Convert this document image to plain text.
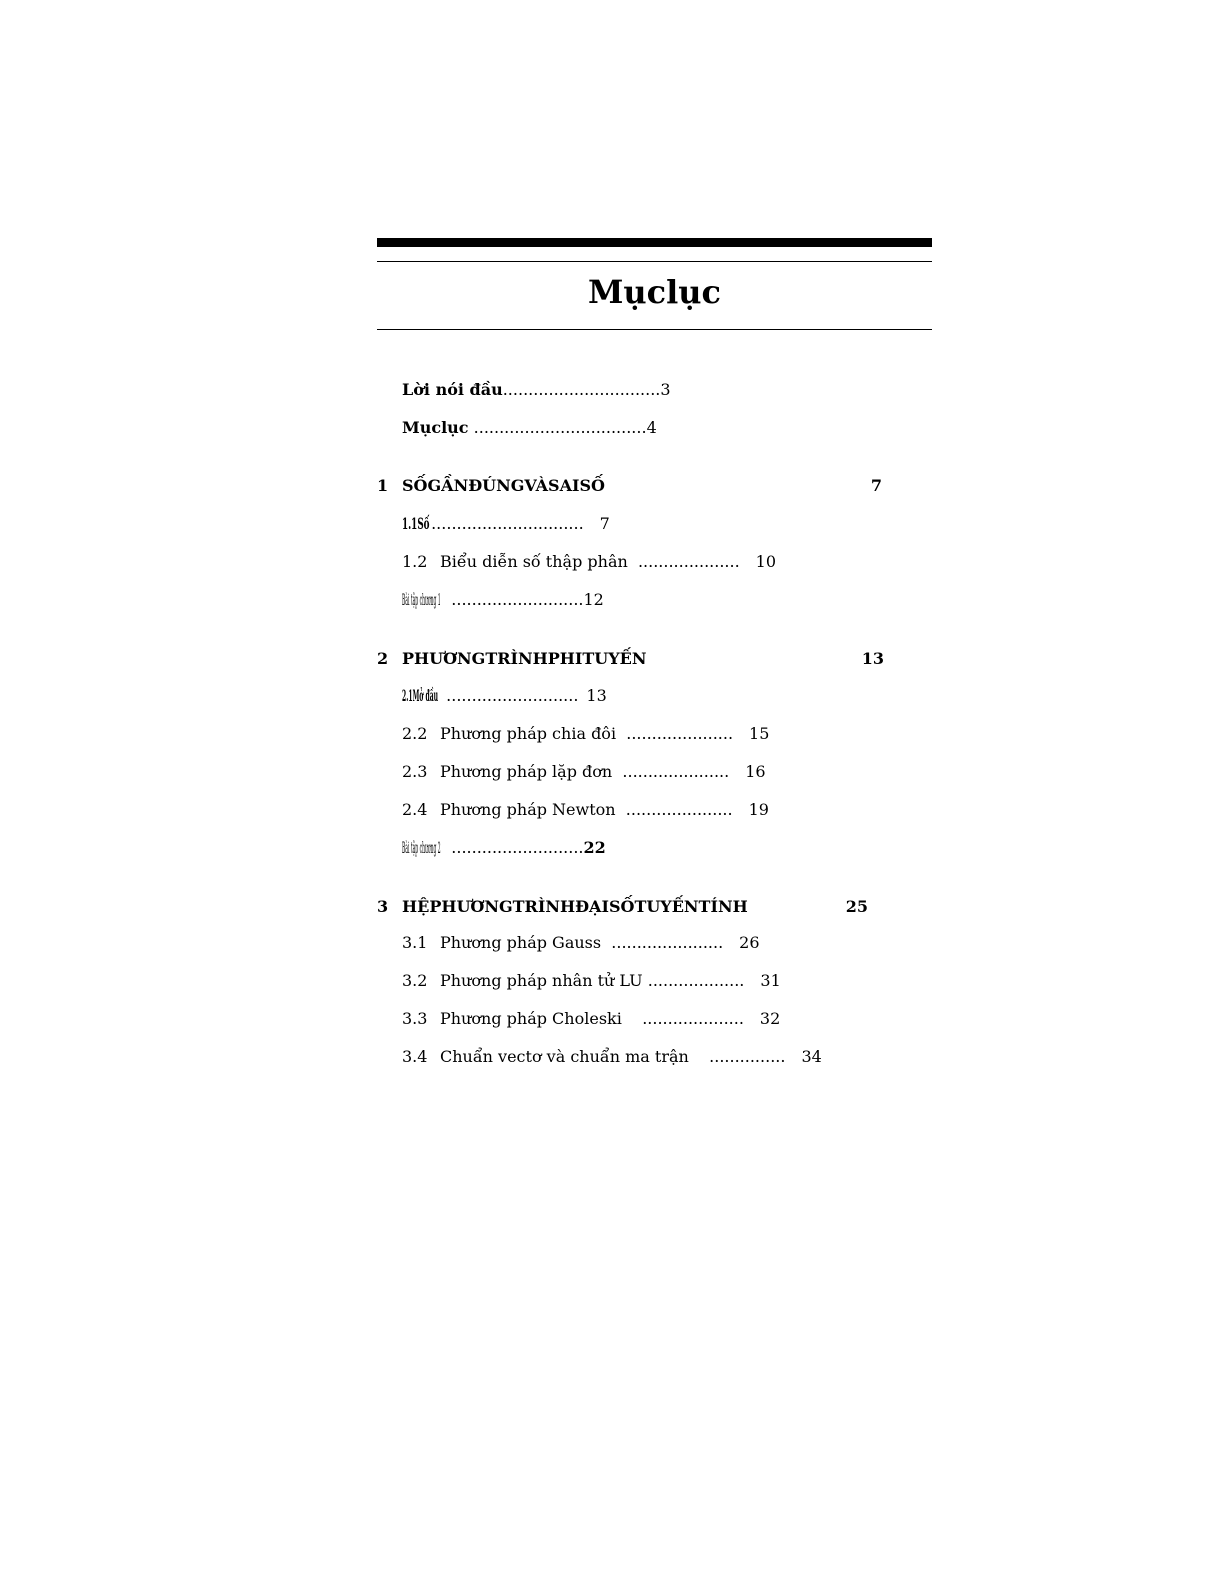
Mụclục
Lời nói đầu...............................3
Mụclục ..................................4
1 SỐGẦNĐÚNGVÀSAISỐ	7
1.1Số .............................. 7
1.2 Biểu diễn số thập phân .................... 10
Bài tập chương 1 ..........................12
2 PHƯƠNGTRÌNHPHITUYẾN	13
2.1Mở đầu .......................... 13
2.2 Phương pháp chia đôi ..................... 15
2.3 Phương pháp lặp đơn ..................... 16
2.4 Phương pháp Newton ..................... 19
Bài tập chương 2 ..........................22
3 HỆPHƯƠNGTRÌNHĐẠISỐTUYẾNTÍNH	25
3.1 Phương pháp Gauss ...................... 26
3.2 Phương pháp nhân tử LU ................... 31
3.3 Phương pháp Choleski .................... 32
3.4 Chuẩn vectơ và chuẩn ma trận ............... 34
